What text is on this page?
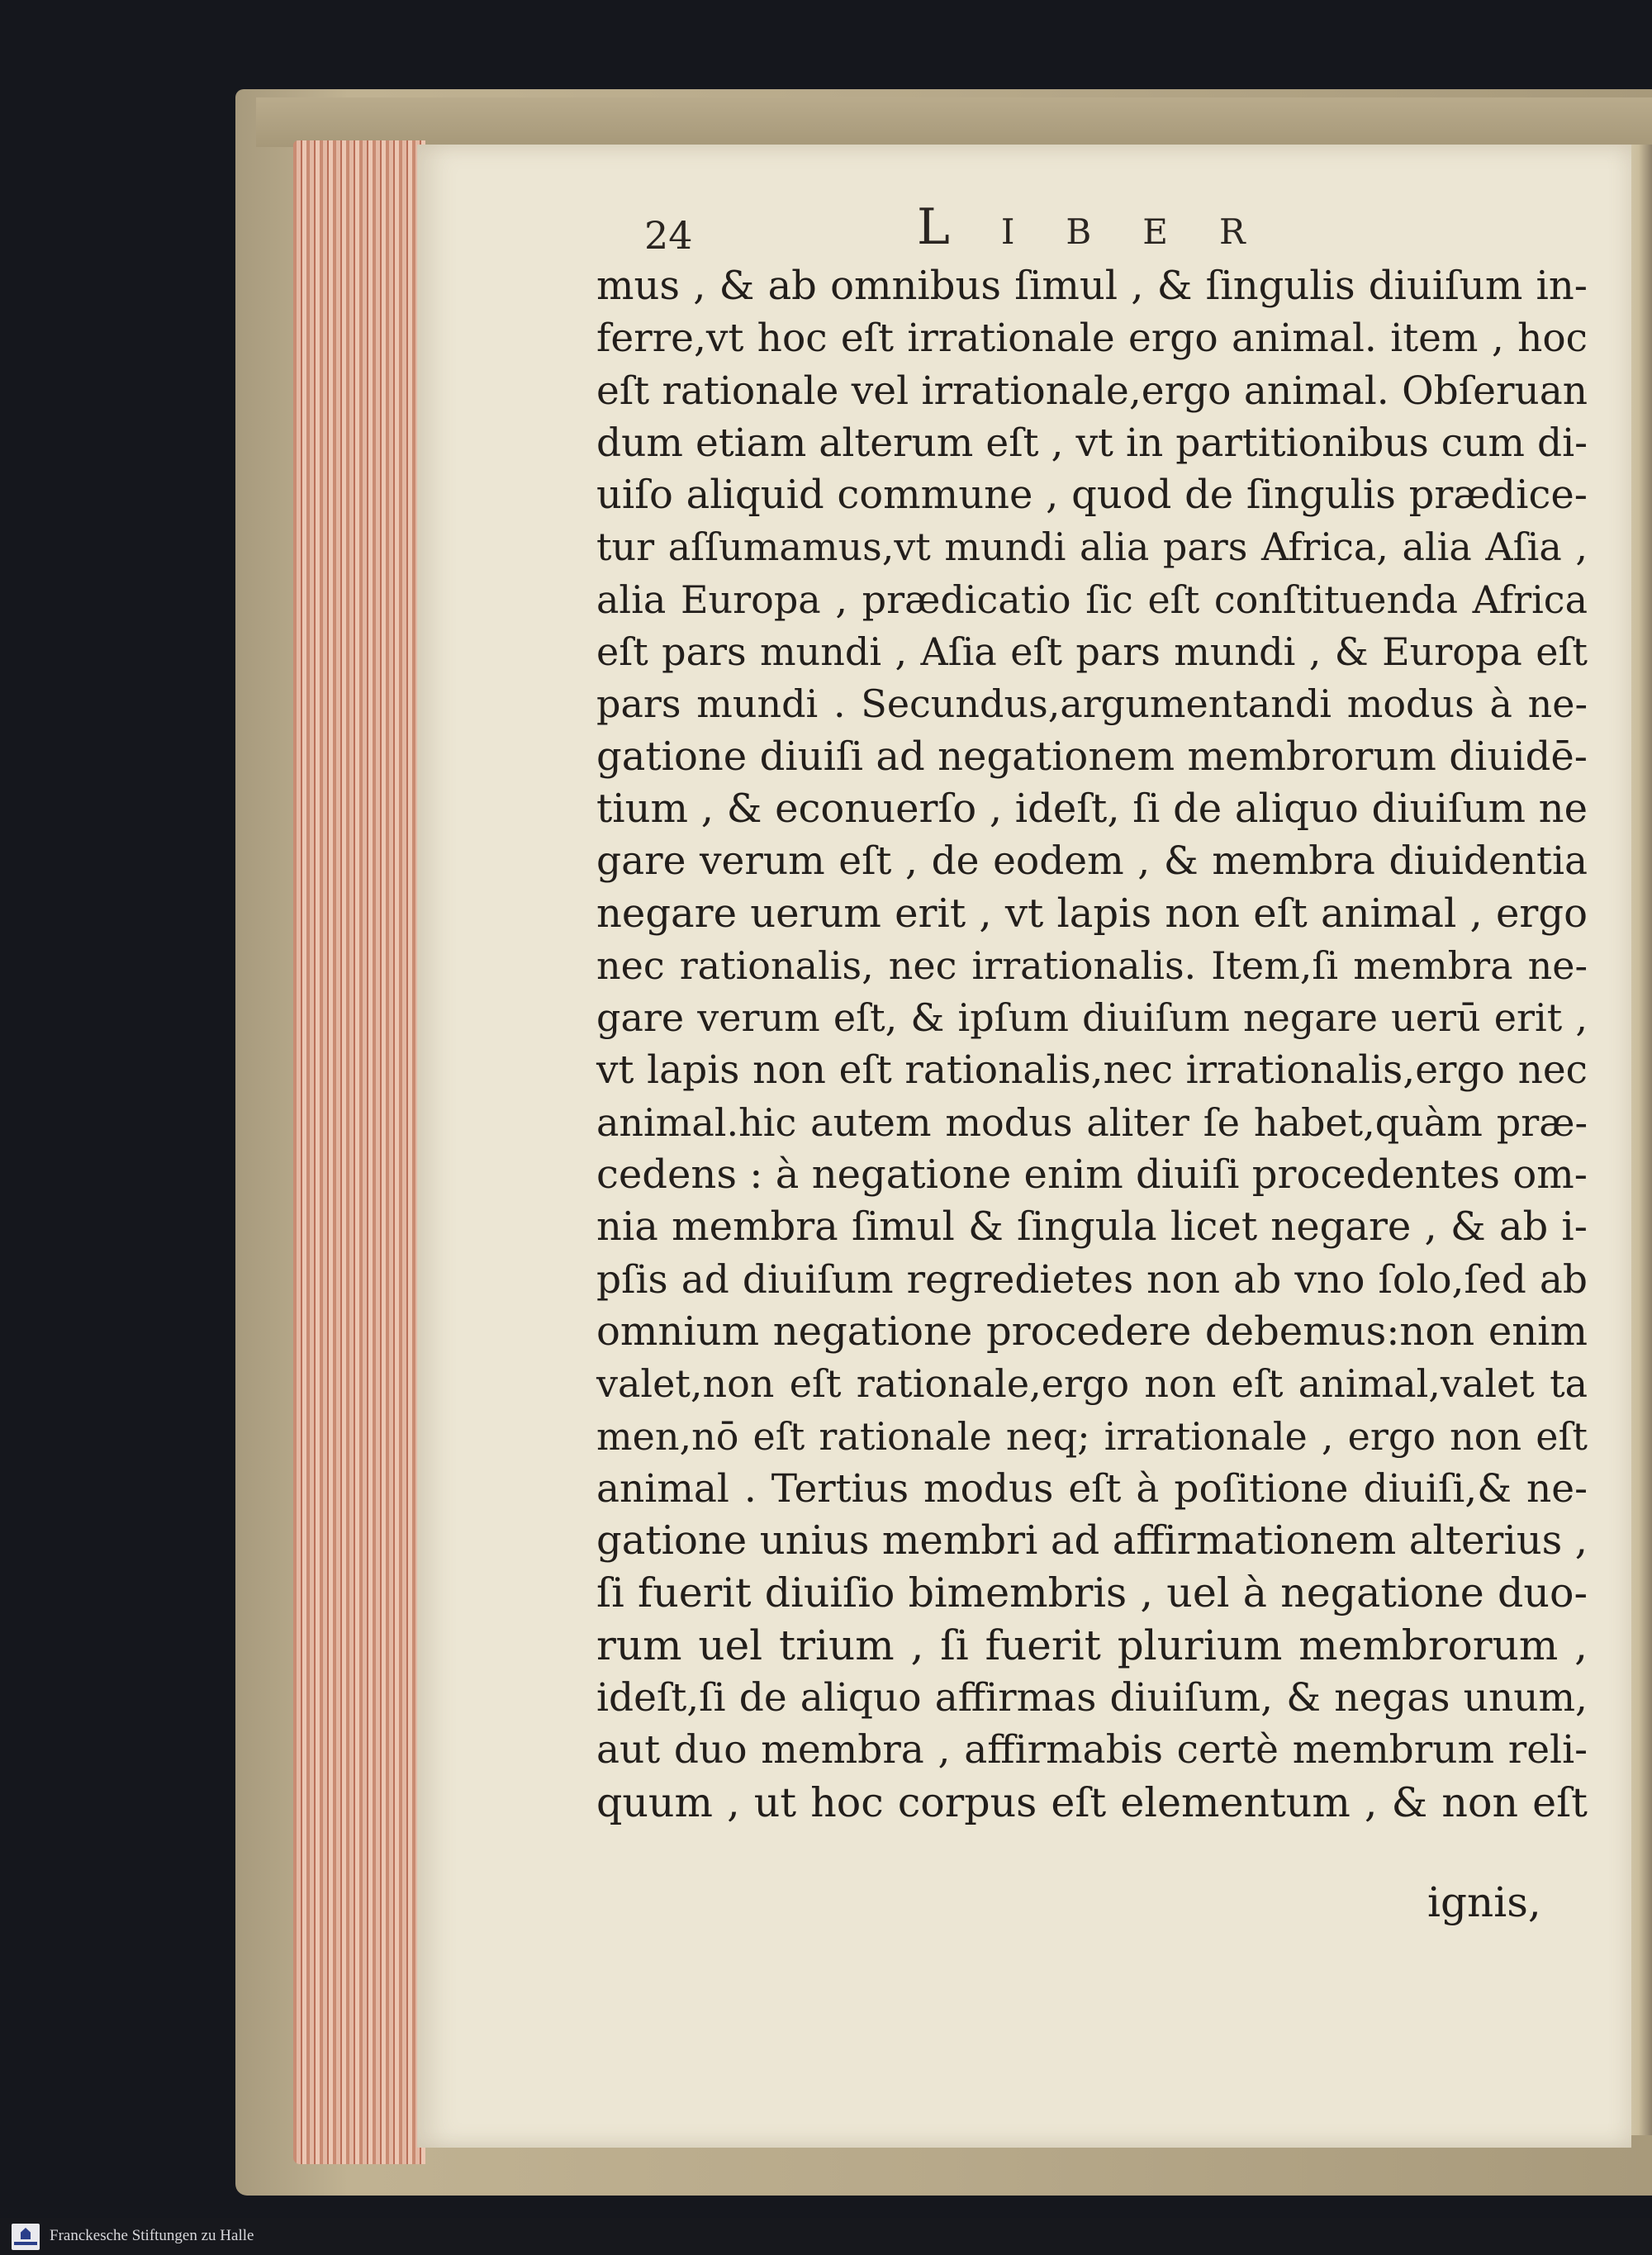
24	Liber
mus , & ab omnibus ſimul , & ſingulis diuiſum in-
ferre,vt hoc eſt irrationale ergo animal. item , hoc
eſt rationale vel irrationale,ergo animal. Obſeruan
dum etiam alterum eſt , vt in partitionibus cum di-
uiſo aliquid commune , quod de ſingulis prædice-
tur aſſumamus,vt mundi alia pars Africa, alia Aſia ,
alia Europa , prædicatio ſic eſt conſtituenda Africa
eſt pars mundi , Aſia eſt pars mundi , & Europa eſt
pars mundi . Secundus,argumentandi modus à ne-
gatione diuiſi ad negationem membrorum diuidē-
tium , & econuerſo , ideſt, ſi de aliquo diuiſum ne
gare verum eſt , de eodem , & membra diuidentia
negare uerum erit , vt lapis non eſt animal , ergo
nec rationalis, nec irrationalis. Item,ſi membra ne-
gare verum eſt, & ipſum diuiſum negare uerū erit ,
vt lapis non eſt rationalis,nec irrationalis,ergo nec
animal.hic autem modus aliter ſe habet,quàm præ-
cedens : à negatione enim diuiſi procedentes om-
nia membra ſimul & ſingula licet negare , & ab i-
pſis ad diuiſum regredietes non ab vno ſolo,ſed ab
omnium negatione procedere debemus:non enim
valet,non eſt rationale,ergo non eſt animal,valet ta
men,nō eſt rationale neq; irrationale , ergo non eſt
animal . Tertius modus eſt à poſitione diuiſi,& ne-
gatione unius membri ad affirmationem alterius ,
ſi fuerit diuiſio bimembris , uel à negatione duo-
rum uel trium , ſi fuerit plurium membrorum ,
ideſt,ſi de aliquo affirmas diuiſum, & negas unum,
aut duo membra , affirmabis certè membrum reli-
quum , ut hoc corpus eſt elementum , & non eſt
ignis,
Franckesche Stiftungen zu Halle
